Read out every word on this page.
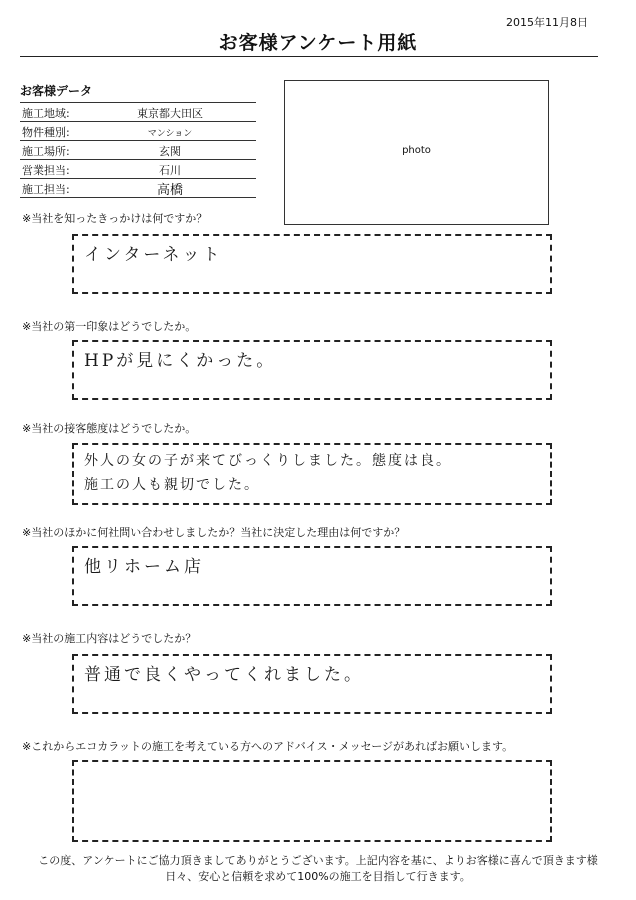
2015年11月8日
お客様アンケート用紙
お客様データ
施工地域:	東京都大田区
物件種別:	マンション
施工場所:	玄関
営業担当:	石川
施工担当:	高橋
photo
※当社を知ったきっかけは何ですか？
インターネット
※当社の第一印象はどうでしたか。
HPが見にくかった。
※当社の接客態度はどうでしたか。
外人の女の子が来てびっくりしました。態度は良。
施工の人も親切でした。
※当社のほかに何社問い合わせしましたか？当社に決定した理由は何ですか？
他リホーム店
※当社の施工内容はどうでしたか？
普通で良くやってくれました。
※これからエコカラットの施工を考えている方へのアドバイス・メッセージがあればお願いします。
この度、アンケートにご協力頂きましてありがとうございます。上記内容を基に、よりお客様に喜んで頂きます様
日々、安心と信頼を求めて100%の施工を目指して行きます。
